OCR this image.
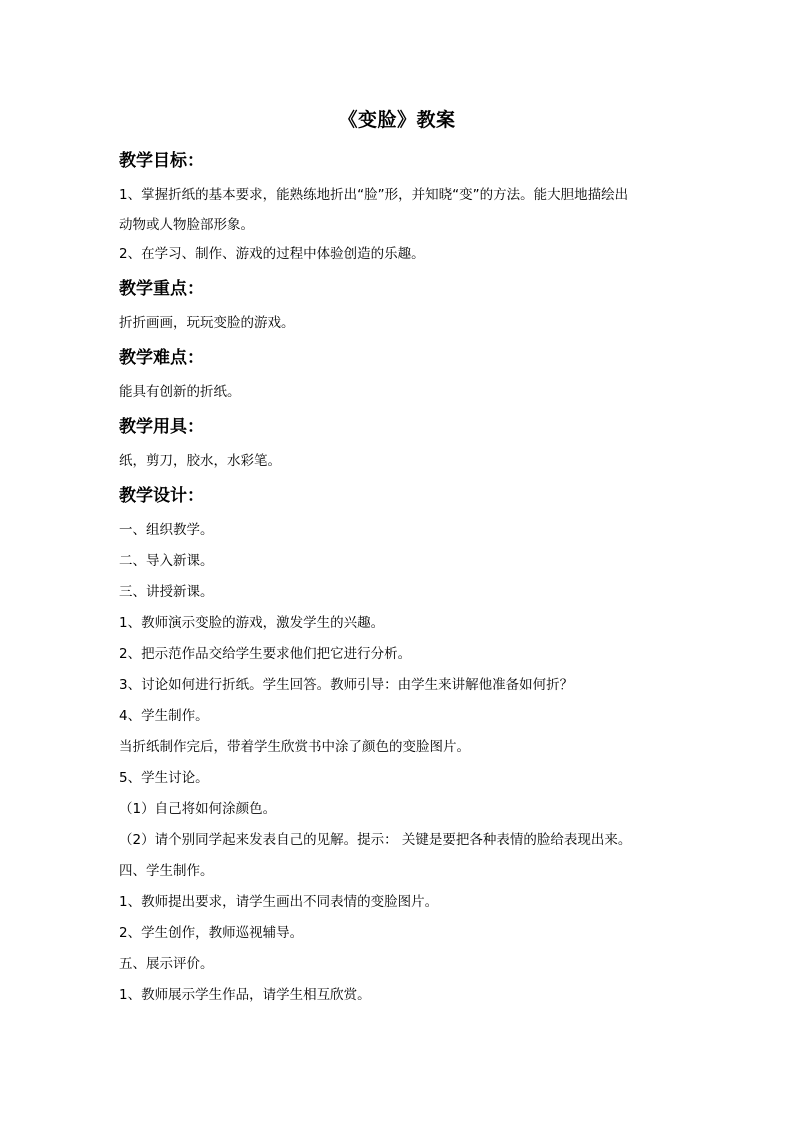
《变脸》教案
教学目标：

1、掌握折纸的基本要求，能熟练地折出“脸”形，并知晓“变”的方法。能大胆地描绘出

动物或人物脸部形象。

2、在学习、制作、游戏的过程中体验创造的乐趣。

教学重点：

折折画画，玩玩变脸的游戏。

教学难点：

能具有创新的折纸。

教学用具：

纸，剪刀，胶水，水彩笔。

教学设计：

一、组织教学。

二、导入新课。

三、讲授新课。

1、教师演示变脸的游戏，激发学生的兴趣。

2、把示范作品交给学生要求他们把它进行分析。

3、讨论如何进行折纸。学生回答。教师引导：由学生来讲解他准备如何折？

4、学生制作。

当折纸制作完后，带着学生欣赏书中涂了颜色的变脸图片。

5、学生讨论。

（1）自己将如何涂颜色。

（2）请个别同学起来发表自己的见解。提示： 关键是要把各种表情的脸给表现出来。

四、学生制作。

1、教师提出要求，请学生画出不同表情的变脸图片。

2、学生创作，教师巡视辅导。

五、展示评价。

1、教师展示学生作品，请学生相互欣赏。
